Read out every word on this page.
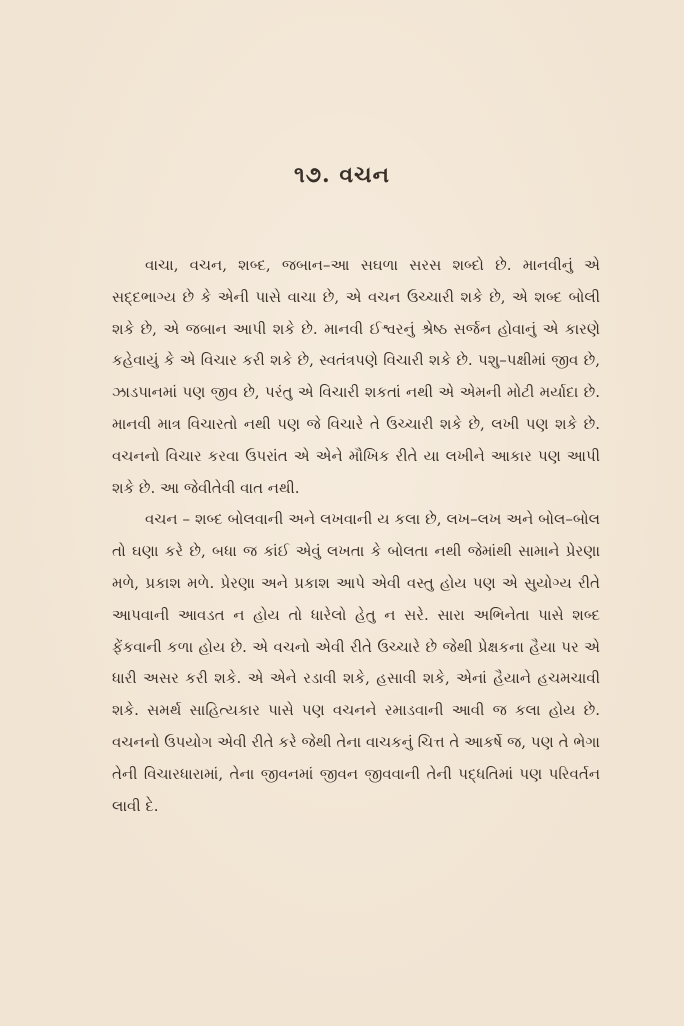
૧૭. વચન

વાચા, વચન, શબ્દ, જબાન–આ સઘળા સરસ શબ્દો છે. માનવીનું એ સદ્દભાગ્ય છે કે એની પાસે વાચા છે, એ વચન ઉચ્ચારી શકે છે, એ શબ્દ બોલી શકે છે, એ જબાન આપી શકે છે. માનવી ઈશ્વરનું શ્રેષ્ઠ સર્જન હોવાનું એ કારણે કહેવાયું કે એ વિચાર કરી શકે છે, સ્વતંત્રપણે વિચારી શકે છે. પશુ–પક્ષીમાં જીવ છે, ઝાડપાનમાં પણ જીવ છે, પરંતુ એ વિચારી શકતાં નથી એ એમની મોટી મર્યાદા છે. માનવી માત્ર વિચારતો નથી પણ જે વિચારે તે ઉચ્ચારી શકે છે, લખી પણ શકે છે. વચનનો વિચાર કરવા ઉપરાંત એ એને મૌખિક રીતે યા લખીને આકાર પણ આપી શકે છે. આ જેવીતેવી વાત નથી.

વચન – શબ્દ બોલવાની અને લખવાની ય કલા છે, લખ–લખ અને બોલ–બોલ તો ઘણા કરે છે, બધા જ કાંઈ એવું લખતા કે બોલતા નથી જેમાંથી સામાને પ્રેરણા મળે, પ્રકાશ મળે. પ્રેરણા અને પ્રકાશ આપે એવી વસ્તુ હોય પણ એ સુયોગ્ય રીતે આપવાની આવડત ન હોય તો ધારેલો હેતુ ન સરે. સારા અભિનેતા પાસે શબ્દ ફેંકવાની કળા હોય છે. એ વચનો એવી રીતે ઉચ્ચારે છે જેથી પ્રેક્ષકના હૈયા પર એ ધારી અસર કરી શકે. એ એને રડાવી શકે, હસાવી શકે, એનાં હૈયાને હચમચાવી શકે. સમર્થ સાહિત્યકાર પાસે પણ વચનને રમાડવાની આવી જ કલા હોય છે. વચનનો ઉપયોગ એવી રીતે કરે જેથી તેના વાચકનું ચિત્ત તે આકર્ષે જ, પણ તે ભેગા તેની વિચારધારામાં, તેના જીવનમાં જીવન જીવવાની તેની પદ્ધતિમાં પણ પરિવર્તન લાવી દે.
